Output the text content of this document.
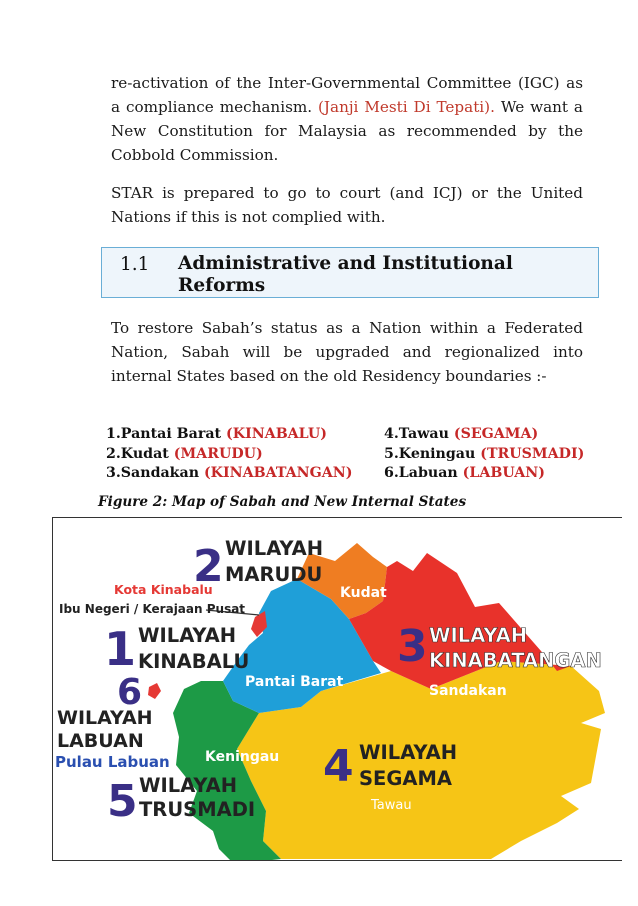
re-activation of the Inter-Governmental Committee (IGC) as a compliance mechanism. (Janji Mesti Di Tepati). We want a New Constitution for Malaysia as recommended by the Cobbold Commission.
STAR is prepared to go to court (and ICJ) or the United Nations if this is not complied with.
1.1 Administrative and Institutional
Reforms
To restore Sabah’s status as a Nation within a Federated Nation, Sabah will be upgraded and regionalized into internal States based on the old Residency boundaries :-
1.Pantai Barat (KINABALU)
2.Kudat (MARUDU)
3.Sandakan (KINABATANGAN)
4.Tawau (SEGAMA)
5.Keningau (TRUSMADI)
6.Labuan (LABUAN)
Figure 2: Map of Sabah and New Internal States
Kota Kinabalu
Ibu Negeri / Kerajaan Pusat
2 WILAYAH
MARUDU
1 WILAYAH
KINABALU
6
WILAYAH
LABUAN
Pulau Labuan
5 WILAYAH
TRUSMADI
3 WILAYAH
KINABATANGAN
4 WILAYAH
SEGAMA
Kudat
Pantai Barat
Sandakan
Keningau
Tawau
